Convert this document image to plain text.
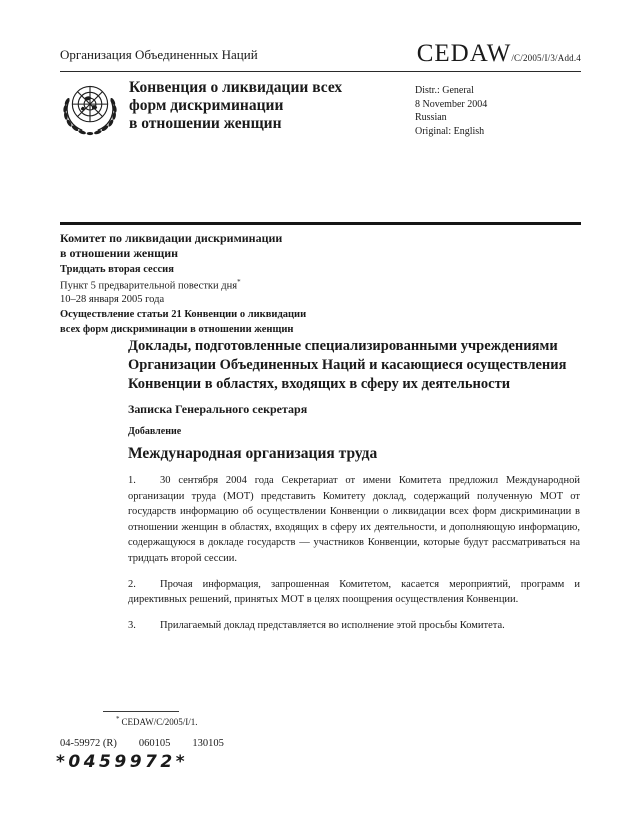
Организация Объединенных Наций	CEDAW/C/2005/I/3/Add.4
Конвенция о ликвидации всех
форм дискриминации
в отношении женщин
Distr.: General
8 November 2004
Russian
Original: English
Комитет по ликвидации дискриминации
в отношении женщин
Тридцать вторая сессия
Пункт 5 предварительной повестки дня*
10–28 января 2005 года
Осуществление статьи 21 Конвенции о ликвидации
всех форм дискриминации в отношении женщин
Доклады, подготовленные специализированными учреждениями Организации Объединенных Наций и касающиеся осуществления Конвенции в областях, входящих в сферу их деятельности
Записка Генерального секретаря
Добавление
Международная организация труда

1. 30 сентября 2004 года Секретариат от имени Комитета предложил Международной организации труда (МОТ) представить Комитету доклад, содержащий полученную МОТ от государств информацию об осуществлении Конвенции о ликвидации всех форм дискриминации в отношении женщин в областях, входящих в сферу их деятельности, и дополняющую информацию, содержащуюся в докладе государств — участников Конвенции, которые будут рассматриваться на тридцать второй сессии.

2. Прочая информация, запрошенная Комитетом, касается мероприятий, программ и директивных решений, принятых МОТ в целях поощрения осуществления Конвенции.

3. Прилагаемый доклад представляется во исполнение этой просьбы Комитета.

* CEDAW/C/2005/I/1.
04-59972 (R) 060105 130105
*0459972*
